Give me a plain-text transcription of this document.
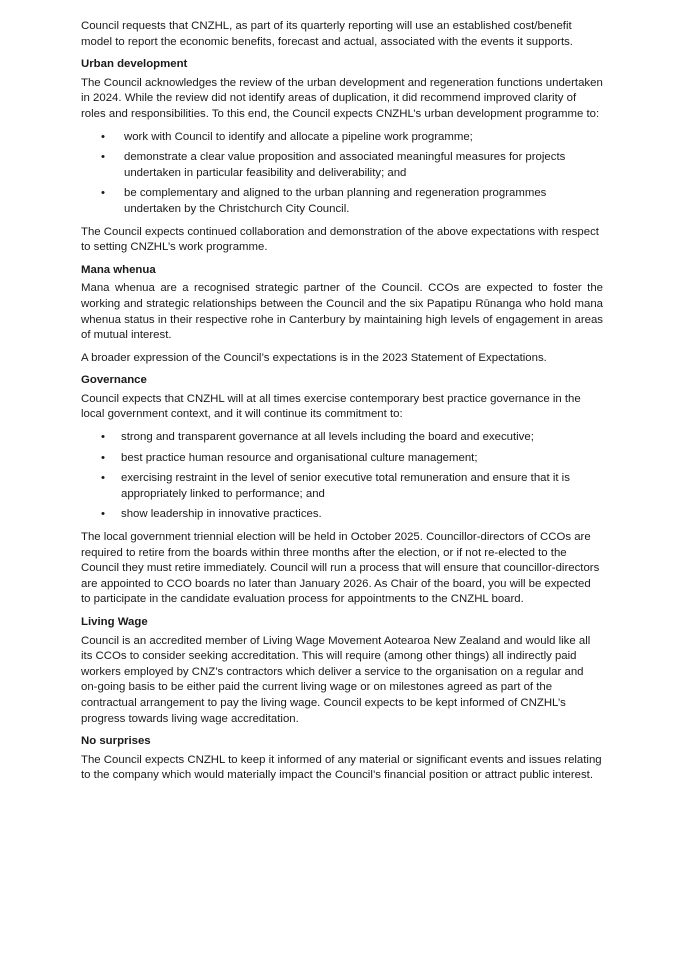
Council requests that CNZHL, as part of its quarterly reporting will use an established cost/benefit model to report the economic benefits, forecast and actual, associated with the events it supports.

Urban development

The Council acknowledges the review of the urban development and regeneration functions undertaken in 2024. While the review did not identify areas of duplication, it did recommend improved clarity of roles and responsibilities. To this end, the Council expects CNZHL’s urban development programme to:

• work with Council to identify and allocate a pipeline work programme;
• demonstrate a clear value proposition and associated meaningful measures for projects undertaken in particular feasibility and deliverability; and
• be complementary and aligned to the urban planning and regeneration programmes undertaken by the Christchurch City Council.

The Council expects continued collaboration and demonstration of the above expectations with respect to setting CNZHL’s work programme.

Mana whenua

Mana whenua are a recognised strategic partner of the Council. CCOs are expected to foster the working and strategic relationships between the Council and the six Papatipu Rūnanga who hold mana whenua status in their respective rohe in Canterbury by maintaining high levels of engagement in areas of mutual interest.

A broader expression of the Council’s expectations is in the 2023 Statement of Expectations.

Governance

Council expects that CNZHL will at all times exercise contemporary best practice governance in the local government context, and it will continue its commitment to:

• strong and transparent governance at all levels including the board and executive;
• best practice human resource and organisational culture management;
• exercising restraint in the level of senior executive total remuneration and ensure that it is appropriately linked to performance; and
• show leadership in innovative practices.

The local government triennial election will be held in October 2025. Councillor-directors of CCOs are required to retire from the boards within three months after the election, or if not re-elected to the Council they must retire immediately. Council will run a process that will ensure that councillor-directors are appointed to CCO boards no later than January 2026. As Chair of the board, you will be expected to participate in the candidate evaluation process for appointments to the CNZHL board.

Living Wage

Council is an accredited member of Living Wage Movement Aotearoa New Zealand and would like all its CCOs to consider seeking accreditation. This will require (among other things) all indirectly paid workers employed by CNZ’s contractors which deliver a service to the organisation on a regular and on-going basis to be either paid the current living wage or on milestones agreed as part of the contractual arrangement to pay the living wage. Council expects to be kept informed of CNZHL’s progress towards living wage accreditation.

No surprises

The Council expects CNZHL to keep it informed of any material or significant events and issues relating to the company which would materially impact the Council’s financial position or attract public interest.
